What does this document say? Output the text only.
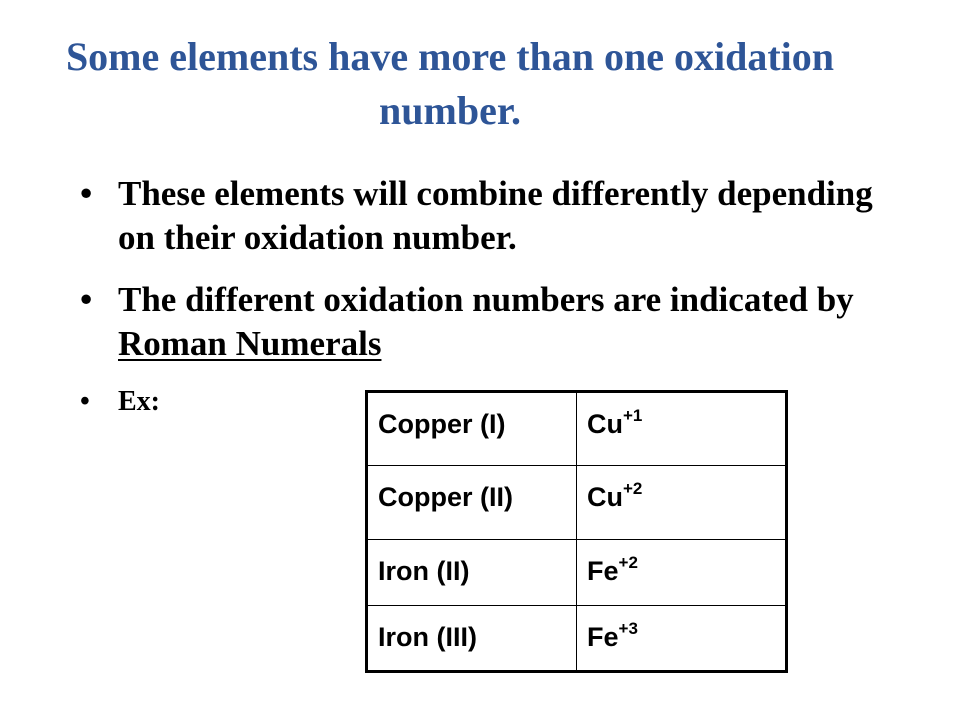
Some elements have more than one oxidation number.
• These elements will combine differently depending on their oxidation number.
• The different oxidation numbers are indicated by Roman Numerals
• Ex:
Copper (I)	$Cu^{+1}$
Copper (II)	$Cu^{+2}$
Iron (II)	$Fe^{+2}$
Iron (III)	$Fe^{+3}$
